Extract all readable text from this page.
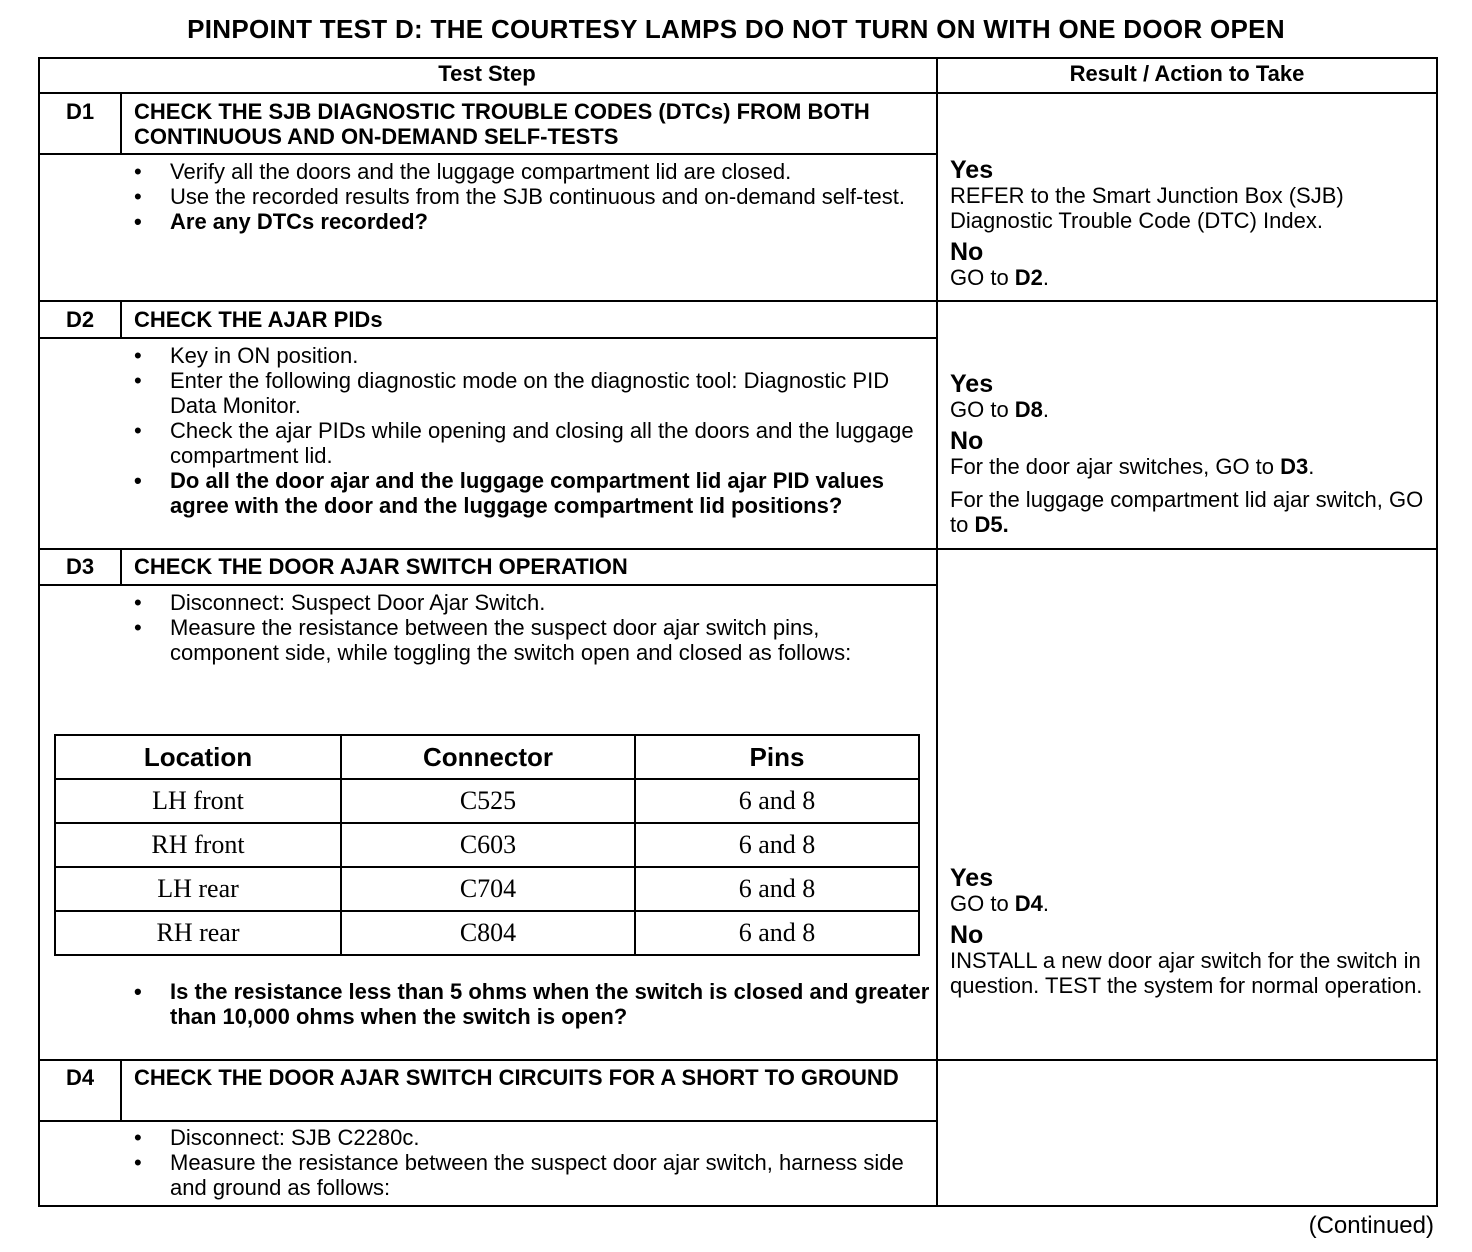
PINPOINT TEST D: THE COURTESY LAMPS DO NOT TURN ON WITH ONE DOOR OPEN
Test Step	Result / Action to Take
D1	CHECK THE SJB DIAGNOSTIC TROUBLE CODES (DTCs) FROM BOTH CONTINUOUS AND ON-DEMAND SELF-TESTS
• Verify all the doors and the luggage compartment lid are closed.
• Use the recorded results from the SJB continuous and on-demand self-test.
• Are any DTCs recorded?
Yes

REFER to the Smart Junction Box (SJB) Diagnostic Trouble Code (DTC) Index.

No

GO to D2.

D2	CHECK THE AJAR PIDs
• Key in ON position.
• Enter the following diagnostic mode on the diagnostic tool: Diagnostic PID Data Monitor.
• Check the ajar PIDs while opening and closing all the doors and the luggage compartment lid.
• Do all the door ajar and the luggage compartment lid ajar PID values agree with the door and the luggage compartment lid positions?
Yes

GO to D8.

No

For the door ajar switches, GO to D3.

For the luggage compartment lid ajar switch, GO to D5.

D3	CHECK THE DOOR AJAR SWITCH OPERATION
• Disconnect: Suspect Door Ajar Switch.
• Measure the resistance between the suspect door ajar switch pins, component side, while toggling the switch open and closed as follows:
Location	Connector	Pins
LH front	C525	6 and 8
RH front	C603	6 and 8
LH rear	C704	6 and 8
RH rear	C804	6 and 8
• Is the resistance less than 5 ohms when the switch is closed and greater than 10,000 ohms when the switch is open?
Yes

GO to D4.

No

INSTALL a new door ajar switch for the switch in question. TEST the system for normal operation.

D4	CHECK THE DOOR AJAR SWITCH CIRCUITS FOR A SHORT TO GROUND
• Disconnect: SJB C2280c.
• Measure the resistance between the suspect door ajar switch, harness side and ground as follows:
(Continued)
